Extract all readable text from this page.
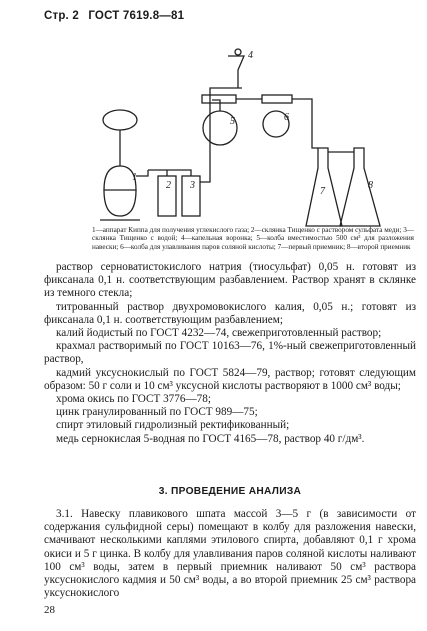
Стр. 2 ГОСТ 7619.8—81
1
2 3
4
5	6
7
8
1—аппарат Киппа для получения углекислого газа; 2—склянка Тищенко с раствором сульфата меди; 3—склянка Тищенко с водой; 4—капельная воронка; 5—колба вместимостью 500 см³ для разложения навески; 6—колба для улавливания паров соляной кислоты; 7—первый приемник; 8—второй приемник

раствор серноватистокислого натрия (тиосульфат) 0,05 н. готовят из фиксанала 0,1 н. соответствующим разбавлением. Раствор хранят в склянке из темного стекла;

титрованный раствор двухромовокислого калия, 0,05 н.; готовят из фиксанала 0,1 н. соответствующим разбавлением;

калий йодистый по ГОСТ 4232—74, свежеприготовленный раствор;

крахмал растворимый по ГОСТ 10163—76, 1%-ный свежеприготовленный раствор,

кадмий уксуснокислый по ГОСТ 5824—79, раствор; готовят следующим образом: 50 г соли и 10 см³ уксусной кислоты растворяют в 1000 см³ воды;

хрома окись по ГОСТ 3776—78;

цинк гранулированный по ГОСТ 989—75;

спирт этиловый гидролизный ректификованный;

медь сернокислая 5-водная по ГОСТ 4165—78, раствор 40 г/дм³.

3. ПРОВЕДЕНИЕ АНАЛИЗА

3.1. Навеску плавикового шпата массой 3—5 г (в зависимости от содержания сульфидной серы) помещают в колбу для разложения навески, смачивают несколькими каплями этилового спирта, добавляют 0,1 г хрома окиси и 5 г цинка. В колбу для улавливания паров соляной кислоты наливают 100 см³ воды, затем в первый приемник наливают 50 см³ раствора уксуснокислого кадмия и 50 см³ воды, а во второй приемник 25 см³ раствора уксуснокислого

28
